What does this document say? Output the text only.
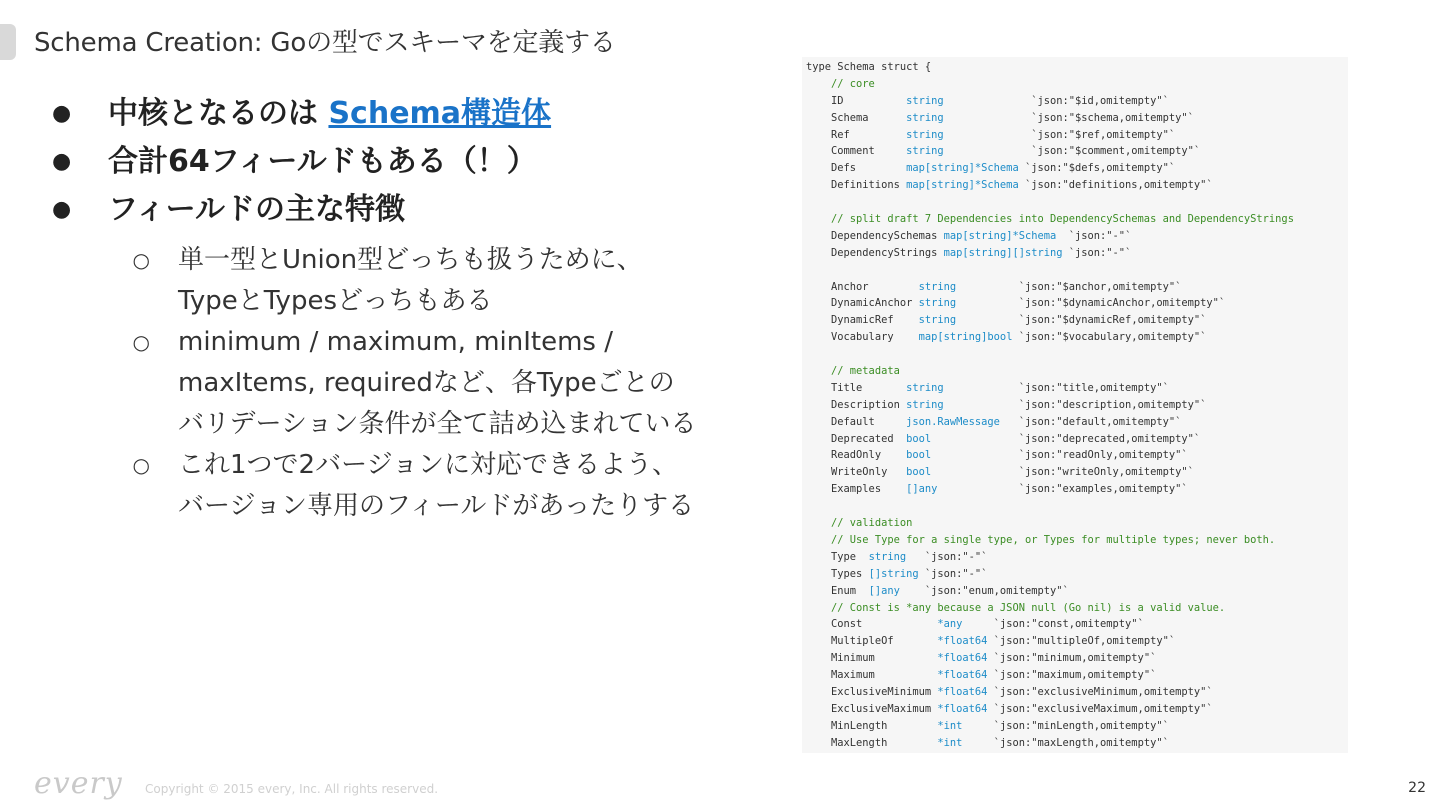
Schema Creation: Goの型でスキーマを定義する
●	中核となるのは Schema構造体
●	合計64フィールドもある（！）
●	フィールドの主な特徴
○	単一型とUnion型どっちも扱うために、TypeとTypesどっちもある
○	minimum / maximum, minItems / maxItems, requiredなど、各Typeごとのバリデーション条件が全て詰め込まれている
○	これ1つで2バージョンに対応できるよう、バージョン専用のフィールドがあったりする
type Schema struct {
// core
ID          string              `json:"$id,omitempty"`
Schema      string              `json:"$schema,omitempty"`
Ref         string              `json:"$ref,omitempty"`
Comment     string              `json:"$comment,omitempty"`
Defs        map[string]*Schema `json:"$defs,omitempty"`
Definitions map[string]*Schema `json:"definitions,omitempty"`
// split draft 7 Dependencies into DependencySchemas and DependencyStrings
DependencySchemas map[string]*Schema  `json:"-"`
DependencyStrings map[string][]string `json:"-"`
Anchor        string          `json:"$anchor,omitempty"`
DynamicAnchor string          `json:"$dynamicAnchor,omitempty"`
DynamicRef    string          `json:"$dynamicRef,omitempty"`
Vocabulary    map[string]bool `json:"$vocabulary,omitempty"`
// metadata
Title       string            `json:"title,omitempty"`
Description string            `json:"description,omitempty"`
Default     json.RawMessage   `json:"default,omitempty"`
Deprecated  bool              `json:"deprecated,omitempty"`
ReadOnly    bool              `json:"readOnly,omitempty"`
WriteOnly   bool              `json:"writeOnly,omitempty"`
Examples    []any             `json:"examples,omitempty"`
// validation
// Use Type for a single type, or Types for multiple types; never both.
Type  string   `json:"-"`
Types []string `json:"-"`
Enum  []any    `json:"enum,omitempty"`
// Const is *any because a JSON null (Go nil) is a valid value.
Const            *any     `json:"const,omitempty"`
MultipleOf       *float64 `json:"multipleOf,omitempty"`
Minimum          *float64 `json:"minimum,omitempty"`
Maximum          *float64 `json:"maximum,omitempty"`
ExclusiveMinimum *float64 `json:"exclusiveMinimum,omitempty"`
ExclusiveMaximum *float64 `json:"exclusiveMaximum,omitempty"`
MinLength        *int     `json:"minLength,omitempty"`
MaxLength        *int     `json:"maxLength,omitempty"`
every Copyright © 2015 every, Inc. All rights reserved.	22
